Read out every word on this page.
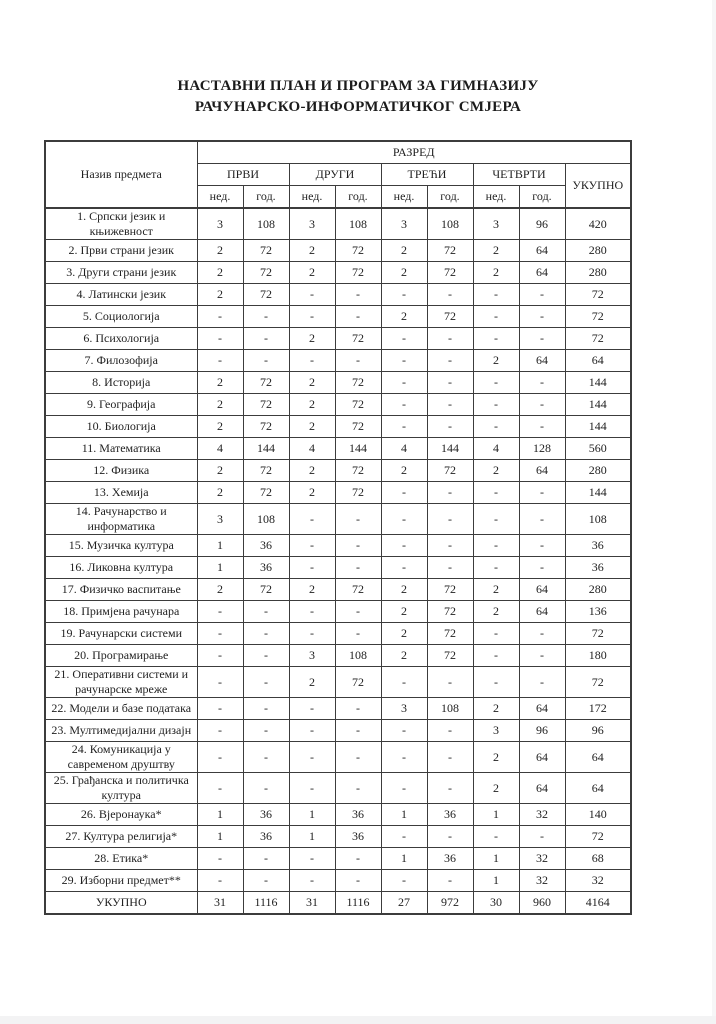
НАСТАВНИ ПЛАН И ПРОГРАМ ЗА ГИМНАЗИЈУ
РАЧУНАРСКО-ИНФОРМАТИЧКОГ СМЈЕРА
Назив предмета	РАЗРЕД								
	ПРВИ		ДРУГИ		ТРЕЋИ		ЧЕТВРТИ		УКУПНО
	нед.	год.	нед.	год.	нед.	год.	нед.	год.	
1. Српски језик и књижевност	3	108	3	108	3	108	3	96	420
2. Први страни језик	2	72	2	72	2	72	2	64	280
3. Други страни језик	2	72	2	72	2	72	2	64	280
4. Латински језик	2	72	-	-	-	-	-	-	72
5. Социологија	-	-	-	-	2	72	-	-	72
6. Психологија	-	-	2	72	-	-	-	-	72
7. Филозофија	-	-	-	-	-	-	2	64	64
8. Историја	2	72	2	72	-	-	-	-	144
9. Географија	2	72	2	72	-	-	-	-	144
10. Биологија	2	72	2	72	-	-	-	-	144
11. Математика	4	144	4	144	4	144	4	128	560
12. Физика	2	72	2	72	2	72	2	64	280
13. Хемија	2	72	2	72	-	-	-	-	144
14. Рачунарство и информатика	3	108	-	-	-	-	-	-	108
15. Музичка култура	1	36	-	-	-	-	-	-	36
16. Ликовна култура	1	36	-	-	-	-	-	-	36
17. Физичко васпитање	2	72	2	72	2	72	2	64	280
18. Примјена рачунара	-	-	-	-	2	72	2	64	136
19. Рачунарски системи	-	-	-	-	2	72	-	-	72
20. Програмирање	-	-	3	108	2	72	-	-	180
21. Оперативни системи и рачунарске мреже	-	-	2	72	-	-	-	-	72
22. Модели и базе података	-	-	-	-	3	108	2	64	172
23. Мултимедијални дизајн	-	-	-	-	-	-	3	96	96
24. Комуникација у савременом друштву	-	-	-	-	-	-	2	64	64
25. Грађанска и политичка култура	-	-	-	-	-	-	2	64	64
26. Вјеронаука*	1	36	1	36	1	36	1	32	140
27. Култура религија*	1	36	1	36	-	-	-	-	72
28. Етика*	-	-	-	-	1	36	1	32	68
29. Изборни предмет**	-	-	-	-	-	-	1	32	32
УКУПНО	31	1116	31	1116	27	972	30	960	4164
